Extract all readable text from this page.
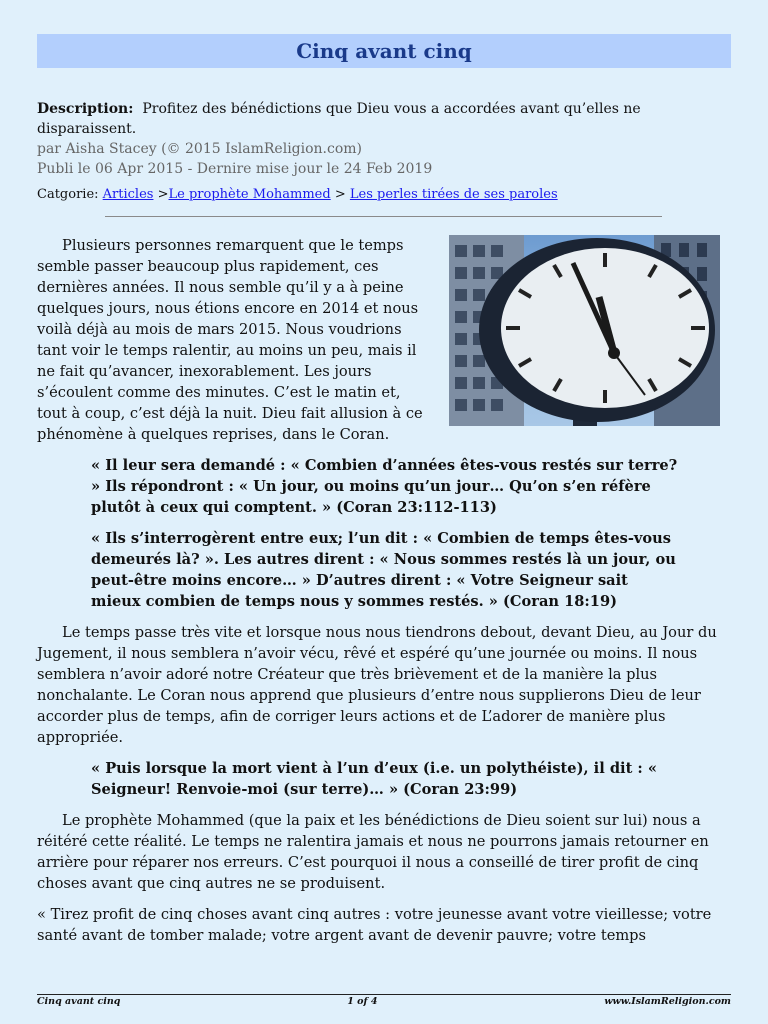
Cinq avant cinq
Description: Profitez des bénédictions que Dieu vous a accordées avant qu’elles ne disparaissent.
par Aisha Stacey (© 2015 IslamReligion.com)
Publi le 06 Apr 2015 - Dernire mise jour le 24 Feb 2019
Catgorie: Articles >Le prophète Mohammed > Les perles tirées de ses paroles

Plusieurs personnes remarquent que le temps semble passer beaucoup plus rapidement, ces dernières années. Il nous semble qu’il y a à peine quelques jours, nous étions encore en 2014 et nous voilà déjà au mois de mars 2015. Nous voudrions tant voir le temps ralentir, au moins un peu, mais il ne fait qu’avancer, inexorablement. Les jours s’écoulent comme des minutes. C’est le matin et, tout à coup, c’est déjà la nuit. Dieu fait allusion à ce phénomène à quelques reprises, dans le Coran.

« Il leur sera demandé : « Combien d’années êtes-vous restés sur terre? » Ils répondront : « Un jour, ou moins qu’un jour… Qu’on s’en réfère plutôt à ceux qui comptent. » (Coran 23:112-113)

« Ils s’interrogèrent entre eux; l’un dit : « Combien de temps êtes-vous demeurés là? ». Les autres dirent : « Nous sommes restés là un jour, ou peut-être moins encore… » D’autres dirent : « Votre Seigneur sait mieux combien de temps nous y sommes restés. » (Coran 18:19)

Le temps passe très vite et lorsque nous nous tiendrons debout, devant Dieu, au Jour du Jugement, il nous semblera n’avoir vécu, rêvé et espéré qu’une journée ou moins. Il nous semblera n’avoir adoré notre Créateur que très brièvement et de la manière la plus nonchalante. Le Coran nous apprend que plusieurs d’entre nous supplierons Dieu de leur accorder plus de temps, afin de corriger leurs actions et de L’adorer de manière plus appropriée.

« Puis lorsque la mort vient à l’un d’eux (i.e. un polythéiste), il dit : « Seigneur! Renvoie-moi (sur terre)… » (Coran 23:99)

Le prophète Mohammed (que la paix et les bénédictions de Dieu soient sur lui) nous a réitéré cette réalité. Le temps ne ralentira jamais et nous ne pourrons jamais retourner en arrière pour réparer nos erreurs. C’est pourquoi il nous a conseillé de tirer profit de cinq choses avant que cinq autres ne se produisent.

« Tirez profit de cinq choses avant cinq autres : votre jeunesse avant votre vieillesse; votre santé avant de tomber malade; votre argent avant de devenir pauvre; votre temps

Cinq avant cinq	1 of 4	www.IslamReligion.com
